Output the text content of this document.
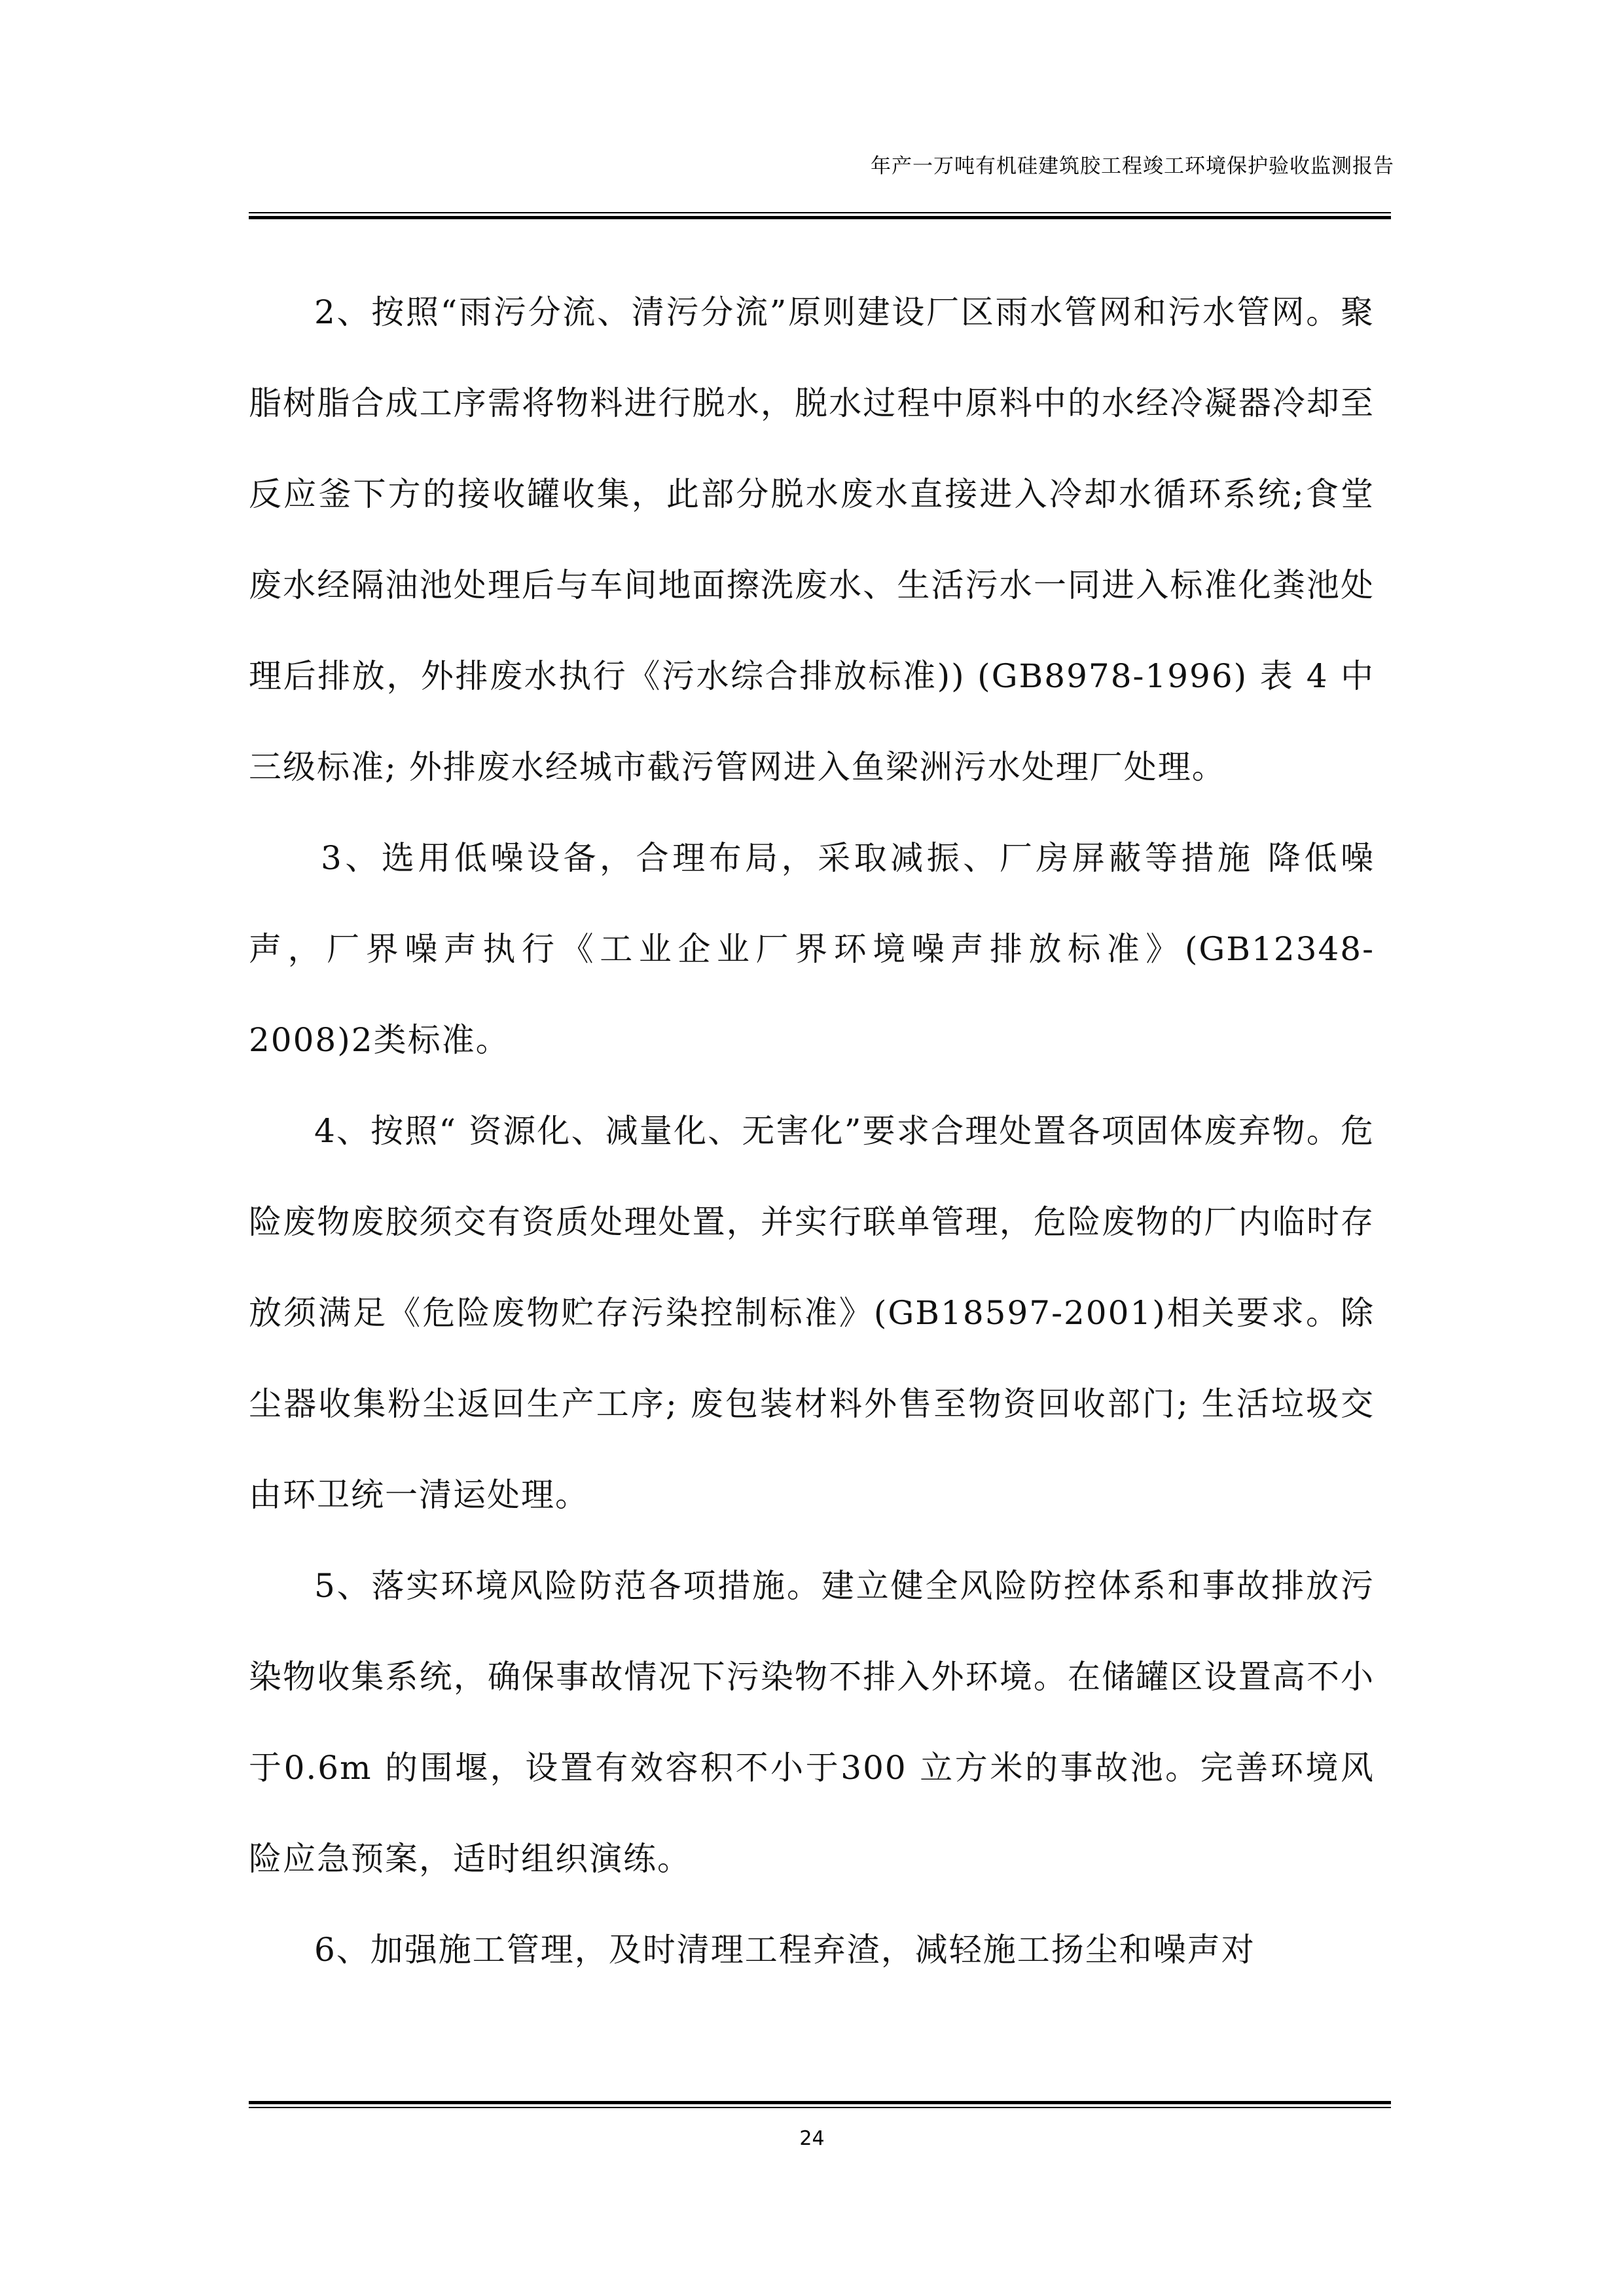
年产一万吨有机硅建筑胶工程竣工环境保护验收监测报告

2、按照“雨污分流、清污分流”原则建设厂区雨水管网和污水管网。聚脂树脂合成工序需将物料进行脱水，脱水过程中原料中的水经冷凝器冷却至反应釜下方的接收罐收集，此部分脱水废水直接进入冷却水循环系统;食堂废水经隔油池处理后与车间地面擦洗废水、生活污水一同进入标准化粪池处理后排放，外排废水执行《污水综合排放标准)) (GB8978-1996) 表 4 中三级标准; 外排废水经城市截污管网进入鱼梁洲污水处理厂处理。

3、选用低噪设备，合理布局，采取减振、厂房屏蔽等措施 降低噪声，厂界噪声执行《工业企业厂界环境噪声排放标准》(GB12348-2008)2类标准。

4、按照“ 资源化、减量化、无害化”要求合理处置各项固体废弃物。危险废物废胶须交有资质处理处置，并实行联单管理，危险废物的厂内临时存放须满足《危险废物贮存污染控制标准》(GB18597-2001)相关要求。除尘器收集粉尘返回生产工序; 废包装材料外售至物资回收部门; 生活垃圾交由环卫统一清运处理。

5、落实环境风险防范各项措施。建立健全风险防控体系和事故排放污染物收集系统，确保事故情况下污染物不排入外环境。在储罐区设置高不小于0.6m 的围堰，设置有效容积不小于300 立方米的事故池。完善环境风险应急预案，适时组织演练。

6、加强施工管理，及时清理工程弃渣，减轻施工扬尘和噪声对

24
